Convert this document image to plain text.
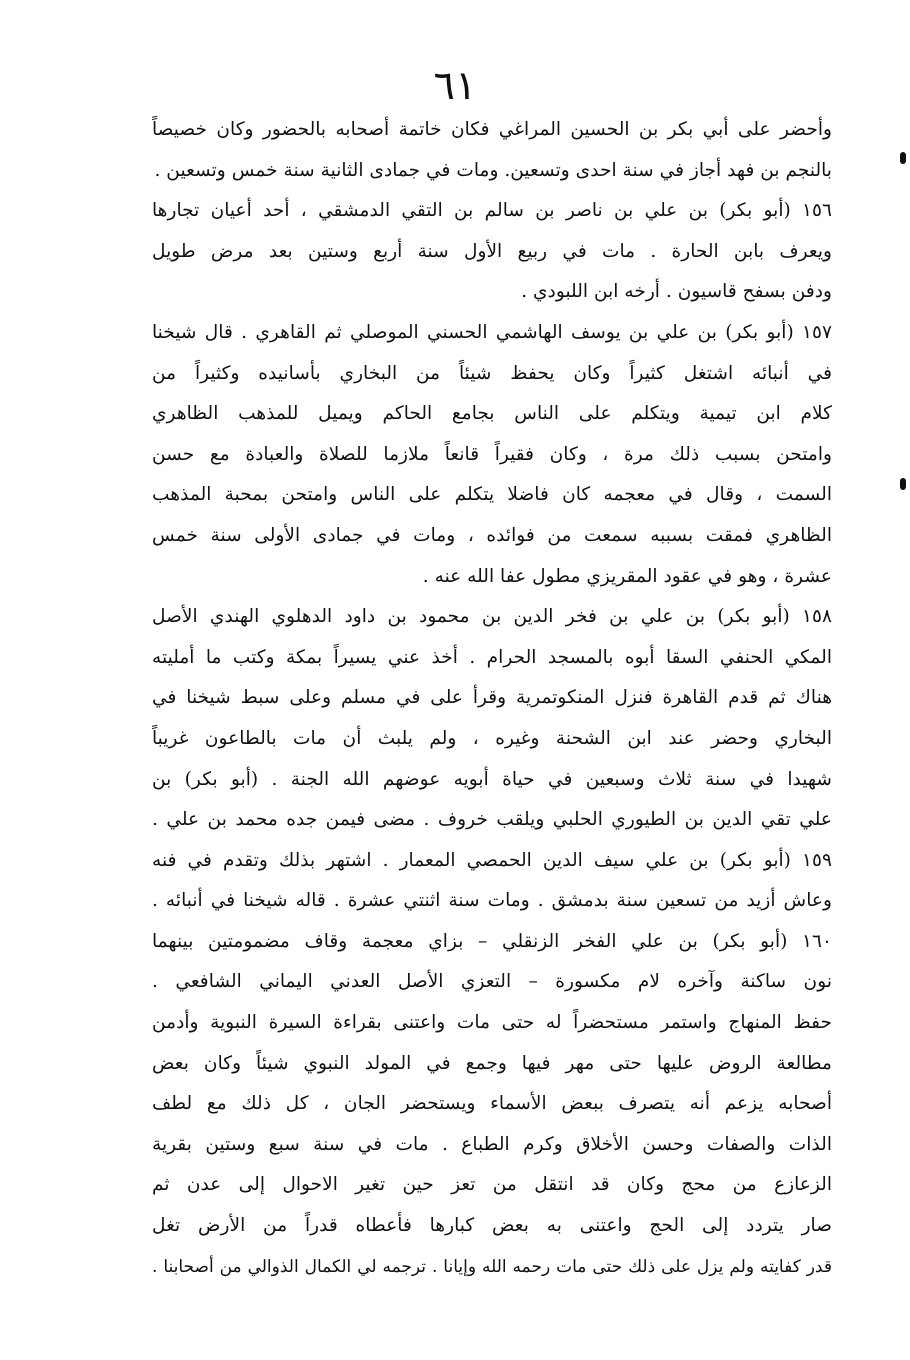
٦١
وأحضر على أبي بكر بن الحسين المراغي فكان خاتمة أصحابه بالحضور وكان خصيصاً
بالنجم بن فهد أجاز في سنة احدى وتسعين. ومات في جمادى الثانية سنة خمس وتسعين .
١٥٦ (أبو بكر) بن علي بن ناصر بن سالم بن التقي الدمشقي ، أحد أعيان تجارها
ويعرف بابن الحارة . مات في ربيع الأول سنة أربع وستين بعد مرض طويل
ودفن بسفح قاسيون . أرخه ابن اللبودي .
١٥٧ (أبو بكر) بن علي بن يوسف الهاشمي الحسني الموصلي ثم القاهري . قال شيخنا
في أنبائه اشتغل كثيراً وكان يحفظ شيئاً من البخاري بأسانيده وكثيراً من
كلام ابن تيمية ويتكلم على الناس بجامع الحاكم ويميل للمذهب الظاهري
وامتحن بسبب ذلك مرة ، وكان فقيراً قانعاً ملازما للصلاة والعبادة مع حسن
السمت ، وقال في معجمه كان فاضلا يتكلم على الناس وامتحن بمحبة المذهب
الظاهري فمقت بسببه سمعت من فوائده ، ومات في جمادى الأولى سنة خمس
عشرة ، وهو في عقود المقريزي مطول عفا الله عنه .
١٥٨ (أبو بكر) بن علي بن فخر الدين بن محمود بن داود الدهلوي الهندي الأصل
المكي الحنفي السقا أبوه بالمسجد الحرام . أخذ عني يسيراً بمكة وكتب ما أمليته
هناك ثم قدم القاهرة فنزل المنكوتمرية وقرأ على في مسلم وعلى سبط شيخنا في
البخاري وحضر عند ابن الشحنة وغيره ، ولم يلبث أن مات بالطاعون غريباً
شهيدا في سنة ثلاث وسبعين في حياة أبويه عوضهم الله الجنة . (أبو بكر) بن
علي تقي الدين بن الطيوري الحلبي ويلقب خروف . مضى فيمن جده محمد بن علي .
١٥٩ (أبو بكر) بن علي سيف الدين الحمصي المعمار . اشتهر بذلك وتقدم في فنه
وعاش أزيد من تسعين سنة بدمشق . ومات سنة اثنتي عشرة . قاله شيخنا في أنبائه .
١٦٠ (أبو بكر) بن علي الفخر الزنقلي – بزاي معجمة وقاف مضمومتين بينهما
نون ساكنة وآخره لام مكسورة – التعزي الأصل العدني اليماني الشافعي .
حفظ المنهاج واستمر مستحضراً له حتى مات واعتنى بقراءة السيرة النبوية وأدمن
مطالعة الروض عليها حتى مهر فيها وجمع في المولد النبوي شيئاً وكان بعض
أصحابه يزعم أنه يتصرف ببعض الأسماء ويستحضر الجان ، كل ذلك مع لطف
الذات والصفات وحسن الأخلاق وكرم الطباع . مات في سنة سبع وستين بقرية
الزعازع من محج وكان قد انتقل من تعز حين تغير الاحوال إلى عدن ثم
صار يتردد إلى الحج واعتنى به بعض كبارها فأعطاه قدراً من الأرض تغل
قدر كفايته ولم يزل على ذلك حتى مات رحمه الله وإيانا . ترجمه لي الكمال الذوالي من أصحابنا .
